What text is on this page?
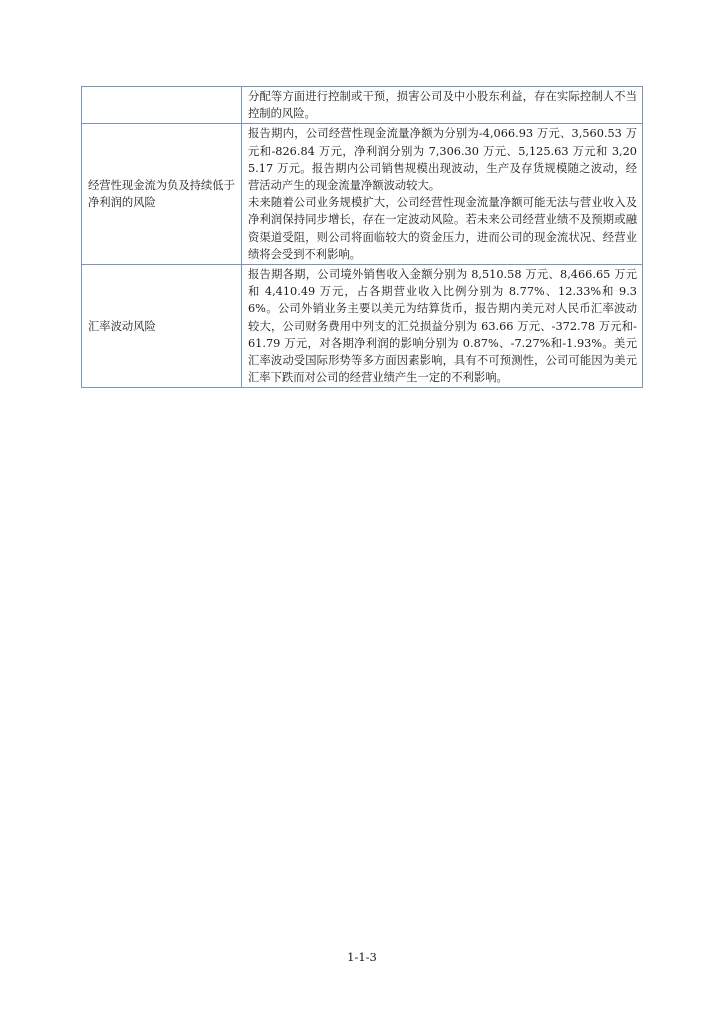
	分配等方面进行控制或干预，损害公司及中小股东利益，存在实际控制人不当控制的风险。

经营性现金流为负及持续低于净利润的风险	报告期内，公司经营性现金流量净额为分别为-4,066.93 万元、3,560.53 万元和-826.84 万元，净利润分别为 7,306.30 万元、5,125.63 万元和 3,205.17 万元。报告期内公司销售规模出现波动，生产及存货规模随之波动，经营活动产生的现金流量净额波动较大。

未来随着公司业务规模扩大，公司经营性现金流量净额可能无法与营业收入及净利润保持同步增长，存在一定波动风险。若未来公司经营业绩不及预期或融资渠道受阻，则公司将面临较大的资金压力，进而公司的现金流状况、经营业绩将会受到不利影响。

汇率波动风险	报告期各期，公司境外销售收入金额分别为 8,510.58 万元、8,466.65 万元和 4,410.49 万元，占各期营业收入比例分别为 8.77%、12.33%和 9.36%。公司外销业务主要以美元为结算货币，报告期内美元对人民币汇率波动较大，公司财务费用中列支的汇兑损益分别为 63.66 万元、-372.78 万元和-61.79 万元，对各期净利润的影响分别为 0.87%、-7.27%和-1.93%。美元汇率波动受国际形势等多方面因素影响，具有不可预测性，公司可能因为美元汇率下跌而对公司的经营业绩产生一定的不利影响。

1-1-3
